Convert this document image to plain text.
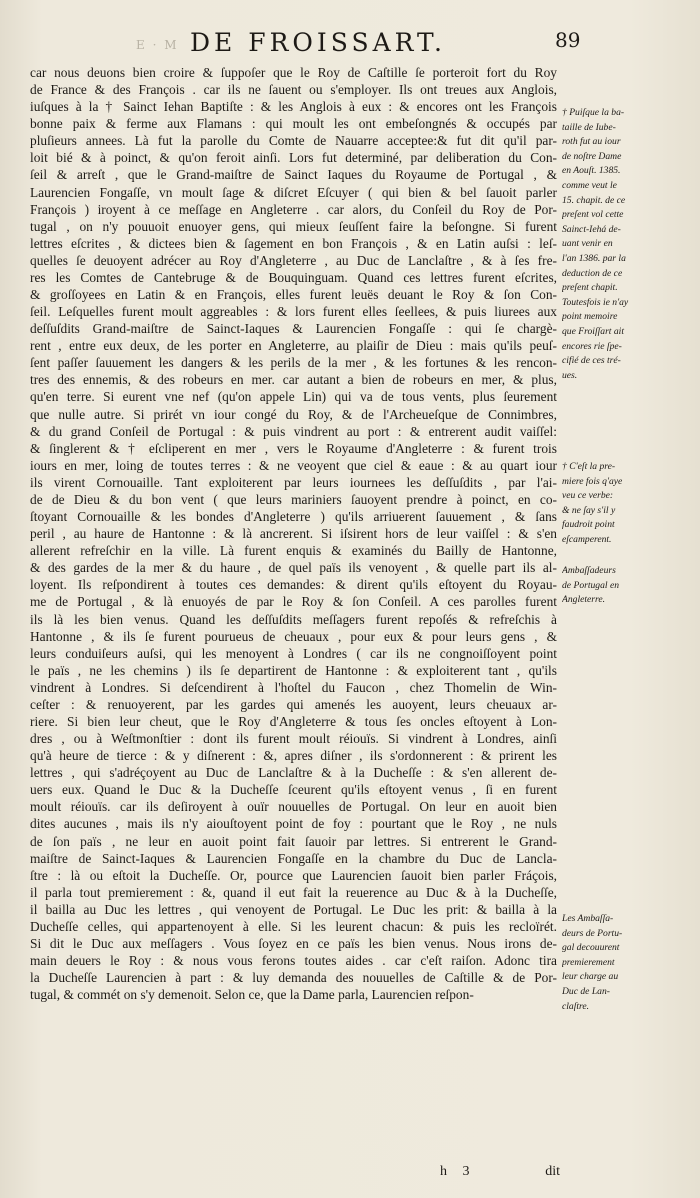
E · M DE FROISSART.	89
car nous deuons bien croire & ſuppoſer que le Roy de Caſtille ſe porteroit fort du Roy
de France & des François . car ils ne ſauent ou s'employer. Ils ont treues aux Anglois,
iuſques à la † Sainct Iehan Baptiſte : & les Anglois à eux : & encores ont les François
bonne paix & ferme aux Flamans : qui moult les ont embeſongnés & occupés par
pluſieurs annees. Là fut la parolle du Comte de Nauarre acceptee:& fut dit qu'il par-
loit bié & à poinct, & qu'on feroit ainſi. Lors fut determiné, par deliberation du Con-
ſeil & arreſt , que le Grand-maiſtre de Sainct Iaques du Royaume de Portugal , &
Laurencien Fongaſſe, vn moult ſage & diſcret Eſcuyer ( qui bien & bel ſauoit parler
François ) iroyent à ce meſſage en Angleterre . car alors, du Conſeil du Roy de Por-
tugal , on n'y pouuoit enuoyer gens, qui mieux ſeuſſent faire la beſongne. Si furent
lettres eſcrites , & dictees bien & ſagement en bon François , & en Latin auſsi : leſ-
quelles ſe deuoyent adrécer au Roy d'Angleterre , au Duc de Lanclaſtre , & à ſes fre-
res les Comtes de Cantebruge & de Bouquinguam. Quand ces lettres furent eſcrites,
& groſſoyees en Latin & en François, elles furent leuës deuant le Roy & ſon Con-
ſeil. Leſquelles furent moult aggreables : & lors furent elles ſeellees, & puis liurees aux
deſſuſdits Grand-maiſtre de Sainct-Iaques & Laurencien Fongaſſe : qui ſe chargè-
rent , entre eux deux, de les porter en Angleterre, au plaiſir de Dieu : mais qu'ils peuſ-
ſent paſſer ſauuement les dangers & les perils de la mer , & les fortunes & les rencon-
tres des ennemis, & des robeurs en mer. car autant a bien de robeurs en mer, & plus,
qu'en terre. Si eurent vne nef (qu'on appele Lin) qui va de tous vents, plus ſeurement
que nulle autre. Si prirét vn iour congé du Roy, & de l'Archeueſque de Connimbres,
& du grand Conſeil de Portugal : & puis vindrent au port : & entrerent audit vaiſſel:
& ſinglerent & † eſcliperent en mer , vers le Royaume d'Angleterre : & furent trois
iours en mer, loing de toutes terres : & ne veoyent que ciel & eaue : & au quart iour
ils virent Cornouaille. Tant exploiterent par leurs iournees les deſſuſdits , par l'ai-
de de Dieu & du bon vent ( que leurs mariniers ſauoyent prendre à poinct, en co-
ſtoyant Cornouaille & les bondes d'Angleterre ) qu'ils arriuerent ſauuement , & ſans
peril , au haure de Hantonne : & là ancrerent. Si iſsirent hors de leur vaiſſel : & s'en
allerent refreſchir en la ville. Là furent enquis & examinés du Bailly de Hantonne,
& des gardes de la mer & du haure , de quel païs ils venoyent , & quelle part ils al-
loyent. Ils reſpondirent à toutes ces demandes: & dirent qu'ils eſtoyent du Royau-
me de Portugal , & là enuoyés de par le Roy & ſon Conſeil. A ces parolles furent
ils là les bien venus. Quand les deſſuſdits meſſagers furent repoſés & refreſchis à
Hantonne , & ils ſe furent pourueus de cheuaux , pour eux & pour leurs gens , &
leurs conduiſeurs auſsi, qui les menoyent à Londres ( car ils ne congnoiſſoyent point
le païs , ne les chemins ) ils ſe departirent de Hantonne : & exploiterent tant , qu'ils
vindrent à Londres. Si deſcendirent à l'hoſtel du Faucon , chez Thomelin de Win-
ceſter : & renuoyerent, par les gardes qui amenés les auoyent, leurs cheuaux ar-
riere. Si bien leur cheut, que le Roy d'Angleterre & tous ſes oncles eſtoyent à Lon-
dres , ou à Weſtmonſtier : dont ils furent moult réiouïs. Si vindrent à Londres, ainſi
qu'à heure de tierce : & y diſnerent : &, apres diſner , ils s'ordonnerent : & prirent les
lettres , qui s'adréçoyent au Duc de Lanclaſtre & à la Ducheſſe : & s'en allerent de-
uers eux. Quand le Duc & la Ducheſſe ſceurent qu'ils eſtoyent venus , ſi en furent
moult réiouïs. car ils deſiroyent à ouïr nouuelles de Portugal. On leur en auoit bien
dites aucunes , mais ils n'y aiouſtoyent point de foy : pourtant que le Roy , ne nuls
de ſon païs , ne leur en auoit point fait ſauoir par lettres. Si entrerent le Grand-
maiſtre de Sainct-Iaques & Laurencien Fongaſſe en la chambre du Duc de Lancla-
ſtre : là ou eſtoit la Ducheſſe. Or, pource que Laurencien ſauoit bien parler Fráçois,
il parla tout premierement : &, quand il eut fait la reuerence au Duc & à la Ducheſſe,
il bailla au Duc les lettres , qui venoyent de Portugal. Le Duc les prit: & bailla à la
Ducheſſe celles, qui appartenoyent à elle. Si les leurent chacun: & puis les recloïrét.
Si dit le Duc aux meſſagers . Vous ſoyez en ce païs les bien venus. Nous irons de-
main deuers le Roy : & nous vous ferons toutes aides . car c'eſt raiſon. Adonc tira
la Ducheſſe Laurencien à part : & luy demanda des nouuelles de Caſtille & de Por-
tugal, & commét on s'y demenoit. Selon ce, que la Dame parla, Laurencien reſpon-
† Puiſque la ba-
taille de Iube-
roth fut au iour
de noſtre Dame
en Aouſt. 1385.
comme veut le
15. chapit. de ce
preſent vol cette
Sainct-Iehá de-
uant venir en
l'an 1386. par la
deduction de ce
preſent chapit.
Toutesfois ie n'ay
point memoire
que Froiſſart ait
encores rie ſpe-
cifié de ces tré-
ues.
† C'eſt la pre-
miere fois q'aye
veu ce verbe:
& ne ſay s'il y
faudroit point
eſcamperent.
Ambaſſadeurs
de Portugal en
Angleterre.
Les Ambaſſa-
deurs de Portu-
gal decouurent
premierement
leur charge au
Duc de Lan-
claſtre.
h 3	dit
